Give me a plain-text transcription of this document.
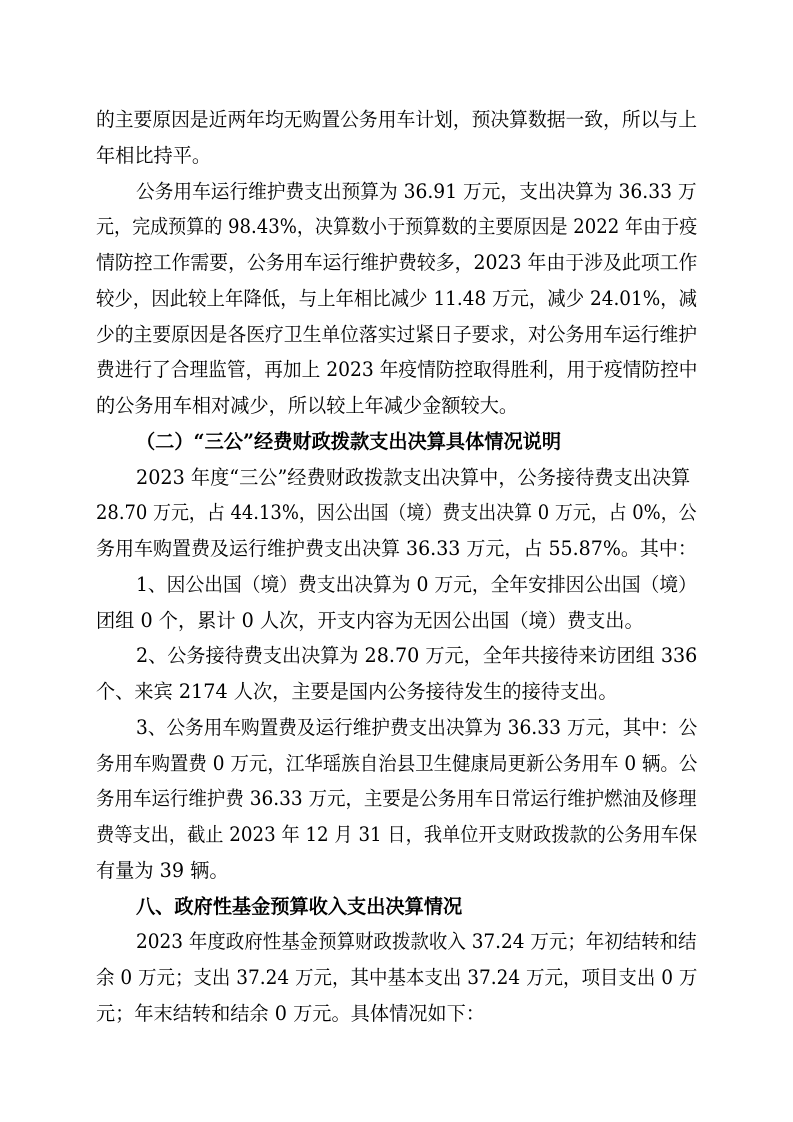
的主要原因是近两年均无购置公务用车计划，预决算数据一致，所以与上
年相比持平。
公务用车运行维护费支出预算为 36.91 万元，支出决算为 36.33 万
元，完成预算的 98.43%，决算数小于预算数的主要原因是 2022 年由于疫
情防控工作需要，公务用车运行维护费较多，2023 年由于涉及此项工作
较少，因此较上年降低，与上年相比减少 11.48 万元，减少 24.01%，减
少的主要原因是各医疗卫生单位落实过紧日子要求，对公务用车运行维护
费进行了合理监管，再加上 2023 年疫情防控取得胜利，用于疫情防控中
的公务用车相对减少，所以较上年减少金额较大。
（二）“三公”经费财政拨款支出决算具体情况说明
2023 年度“三公”经费财政拨款支出决算中，公务接待费支出决算
28.70 万元，占 44.13%，因公出国（境）费支出决算 0 万元，占 0%，公
务用车购置费及运行维护费支出决算 36.33 万元，占 55.87%。其中：
1、因公出国（境）费支出决算为 0 万元，全年安排因公出国（境）
团组 0 个，累计 0 人次，开支内容为无因公出国（境）费支出。
2、公务接待费支出决算为 28.70 万元，全年共接待来访团组 336
个、来宾 2174 人次，主要是国内公务接待发生的接待支出。
3、公务用车购置费及运行维护费支出决算为 36.33 万元，其中：公
务用车购置费 0 万元，江华瑶族自治县卫生健康局更新公务用车 0 辆。公
务用车运行维护费 36.33 万元，主要是公务用车日常运行维护燃油及修理
费等支出，截止 2023 年 12 月 31 日，我单位开支财政拨款的公务用车保
有量为 39 辆。
八、政府性基金预算收入支出决算情况
2023 年度政府性基金预算财政拨款收入 37.24 万元；年初结转和结
余 0 万元；支出 37.24 万元，其中基本支出 37.24 万元，项目支出 0 万
元；年末结转和结余 0 万元。具体情况如下：
